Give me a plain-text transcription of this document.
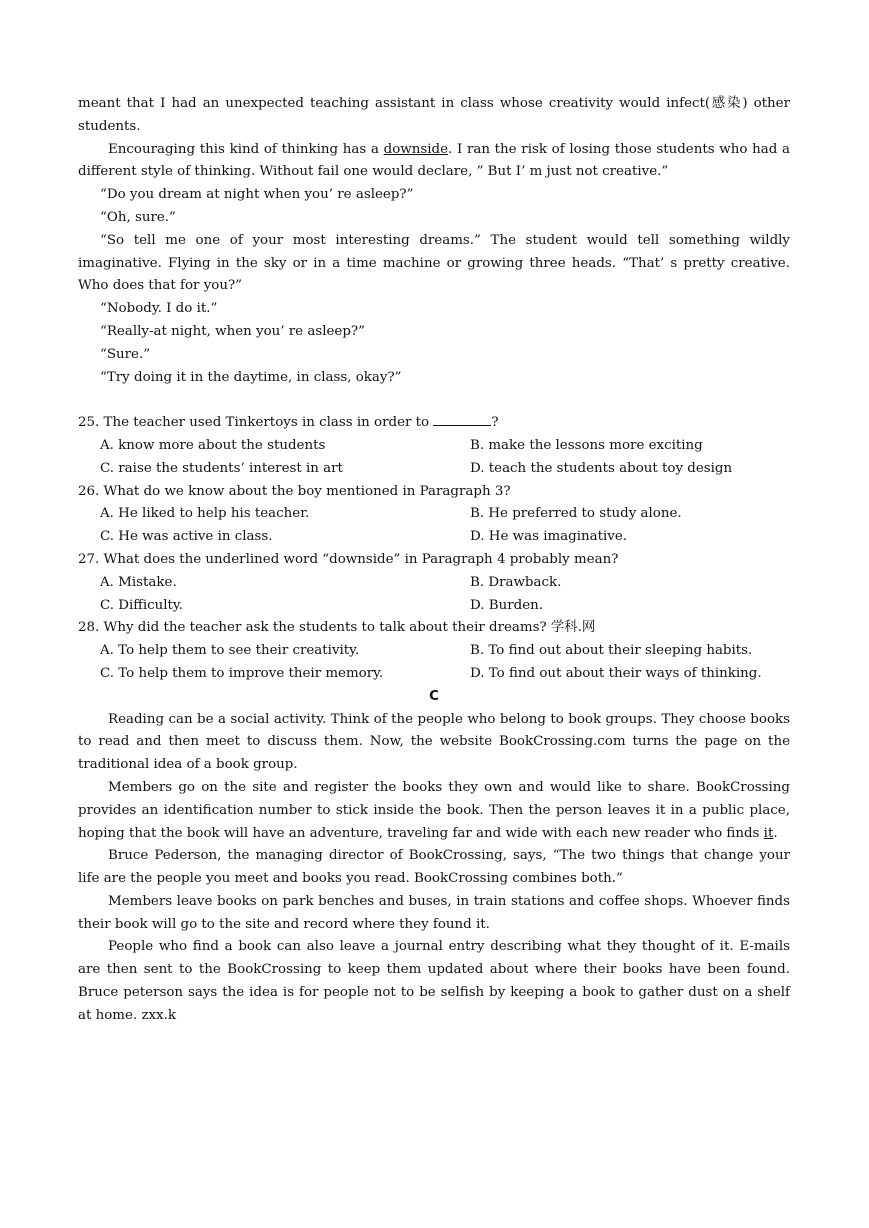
meant that I had an unexpected teaching assistant in class whose creativity would infect(感染) other students.

Encouraging this kind of thinking has a downside. I ran the risk of losing those students who had a different style of thinking. Without fail one would declare, ” But I’ m just not creative.”

“Do you dream at night when you’ re asleep?”

“Oh, sure.”

“So tell me one of your most interesting dreams.” The student would tell something wildly imaginative. Flying in the sky or in a time machine or growing three heads. “That’ s pretty creative. Who does that for you?”

“Nobody. I do it.”

“Really-at night, when you’ re asleep?”

“Sure.”

“Try doing it in the daytime, in class, okay?”

25. The teacher used Tinkertoys in class in order to	?

A. know more about the students	B. make the lessons more exciting
C. raise the students’ interest in art	D. teach the students about toy design

26. What do we know about the boy mentioned in Paragraph 3?

A. He liked to help his teacher.	B. He preferred to study alone.
C. He was active in class.	D. He was imaginative.

27. What does the underlined word “downside” in Paragraph 4 probably mean?

A. Mistake.	B. Drawback.
C. Difficulty.	D. Burden.

28. Why did the teacher ask the students to talk about their dreams? 学科.网

A. To help them to see their creativity.	B. To find out about their sleeping habits.
C. To help them to improve their memory.	D. To find out about their ways of thinking.

C

Reading can be a social activity. Think of the people who belong to book groups. They choose books to read and then meet to discuss them. Now, the website BookCrossing.com turns the page on the traditional idea of a book group.

Members go on the site and register the books they own and would like to share. BookCrossing provides an identification number to stick inside the book. Then the person leaves it in a public place, hoping that the book will have an adventure, traveling far and wide with each new reader who finds it.

Bruce Pederson, the managing director of BookCrossing, says, “The two things that change your life are the people you meet and books you read. BookCrossing combines both.”

Members leave books on park benches and buses, in train stations and coffee shops. Whoever finds their book will go to the site and record where they found it.

People who find a book can also leave a journal entry describing what they thought of it. E-mails are then sent to the BookCrossing to keep them updated about where their books have been found. Bruce peterson says the idea is for people not to be selfish by keeping a book to gather dust on a shelf at home. zxx.k
